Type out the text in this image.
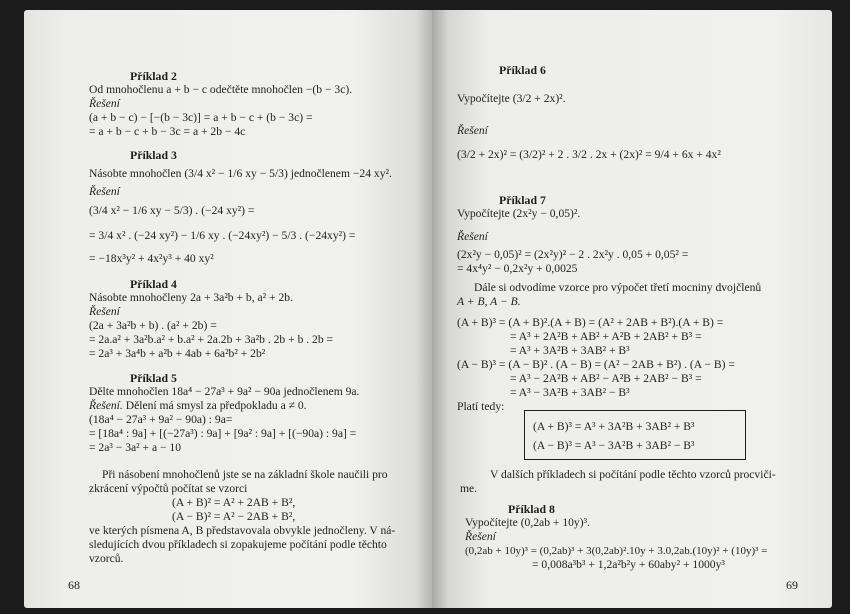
Příklad 2
Od mnohočlenu a + b − c odečtěte mnohočlen −(b − 3c).
Řešení
(a + b − c) − [−(b − 3c)] = a + b − c + (b − 3c) =
= a + b − c + b − 3c = a + 2b − 4c
Příklad 3
Násobte mnohočlen (3/4 x² − 1/6 xy − 5/3) jednočlenem −24 xy².
Řešení
(3/4 x² − 1/6 xy − 5/3) . (−24 xy²) =
= 3/4 x² . (−24 xy²) − 1/6 xy . (−24xy²) − 5/3 . (−24xy²) =
= −18x³y² + 4x²y³ + 40 xy²
Příklad 4
Násobte mnohočleny 2a + 3a²b + b, a² + 2b.
Řešení
(2a + 3a²b + b) . (a² + 2b) =
= 2a.a² + 3a²b.a² + b.a² + 2a.2b + 3a²b . 2b + b . 2b =
= 2a³ + 3a⁴b + a²b + 4ab + 6a²b² + 2b²
Příklad 5
Dělte mnohočlen 18a⁴ − 27a³ + 9a² − 90a jednočlenem 9a.
Řešení. Dělení má smysl za předpokladu a ≠ 0.
(18a⁴ − 27a³ + 9a² − 90a) : 9a=
= [18a⁴ : 9a] + [(−27a³) : 9a] + [9a² : 9a] + [(−90a) : 9a] =
= 2a³ − 3a² + a − 10
Při násobení mnohočlenů jste se na základní škole naučili pro
zkrácení výpočtů počítat se vzorci
(A + B)² = A² + 2AB + B²,
(A − B)² = A² − 2AB + B²,
ve kterých písmena A, B představovala obvykle jednočleny. V ná-
sledujících dvou příkladech si zopakujeme počítání podle těchto
vzorců.
68
Příklad 6
Vypočítejte (3/2 + 2x)².
Řešení
(3/2 + 2x)² = (3/2)² + 2 . 3/2 . 2x + (2x)² = 9/4 + 6x + 4x²
Příklad 7
Vypočítejte (2x²y − 0,05)².
Řešení
(2x²y − 0,05)² = (2x²y)² − 2 . 2x²y . 0,05 + 0,05² =
= 4x⁴y² − 0,2x²y + 0,0025
Dále si odvodíme vzorce pro výpočet třetí mocniny dvojčlenů
A + B, A − B.
(A + B)³ = (A + B)².(A + B) = (A² + 2AB + B²).(A + B) =
= A³ + 2A²B + AB² + A²B + 2AB² + B³ =
= A³ + 3A²B + 3AB² + B³
(A − B)³ = (A − B)² . (A − B) = (A² − 2AB + B²) . (A − B) =
= A³ − 2A²B + AB² − A²B + 2AB² − B³ =
= A³ − 3A²B + 3AB² − B³
Platí tedy:
(A + B)³ = A³ + 3A²B + 3AB² + B³
(A − B)³ = A³ − 3A²B + 3AB² − B³
V dalších příkladech si počítání podle těchto vzorců procviči-
me.
Příklad 8
Vypočítejte (0,2ab + 10y)³.
Řešení
(0,2ab + 10y)³ = (0,2ab)³ + 3(0,2ab)².10y + 3.0,2ab.(10y)² + (10y)³ =
= 0,008a³b³ + 1,2a²b²y + 60aby² + 1000y³
69
